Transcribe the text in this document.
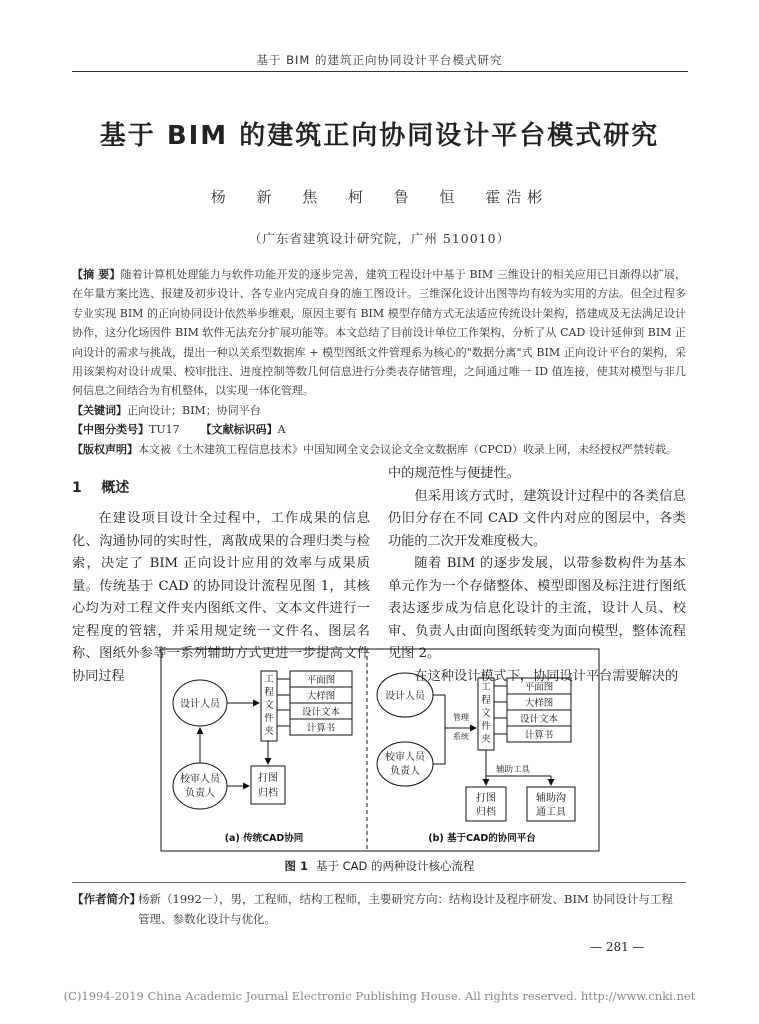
基于 BIM 的建筑正向协同设计平台模式研究
基于 BIM 的建筑正向协同设计平台模式研究
杨 新 焦 柯 鲁 恒 霍浩彬
（广东省建筑设计研究院，广州 510010）

【摘 要】随着计算机处理能力与软件功能开发的逐步完善，建筑工程设计中基于 BIM 三维设计的相关应用已日渐得以扩展，在年量方案比选、报建及初步设计、各专业内完成自身的施工图设计。三维深化设计出图等均有较为实用的方法。但全过程多专业实现 BIM 的正向协同设计依然举步维艰，原因主要有 BIM 模型存储方式无法适应传统设计架构，搭建成及无法满足设计协作，这分化场因件 BIM 软件无法充分扩展功能等。本文总结了目前设计单位工作架构，分析了从 CAD 设计延伸到 BIM 正向设计的需求与挑战，提出一种以关系型数据库 + 模型图纸文件管理系为核心的"数据分离"式 BIM 正向设计平台的架构，采用该架构对设计成果、校审批注、进度控制等数几何信息进行分类表存储管理，之间通过唯一 ID 值连接，使其对模型与非几何信息之间结合为有机整体，以实现一体化管理。

【关键词】正向设计；BIM；协同平台

【中图分类号】TU17 【文献标识码】A

【版权声明】本文被《土木建筑工程信息技术》中国知网全文会议论文全文数据库（CPCD）收录上网，未经授权严禁转载。

1 概述

在建设项目设计全过程中，工作成果的信息化、沟通协同的实时性，离散成果的合理归类与检索，决定了 BIM 正向设计应用的效率与成果质量。传统基于 CAD 的协同设计流程见图 1，其核心均为对工程文件夹内图纸文件、文本文件进行一定程度的管辖，并采用规定统一文件名、图层名称、图纸外参等一系列辅助方式更进一步提高文件协同过程

中的规范性与便捷性。

但采用该方式时，建筑设计过程中的各类信息仍旧分存在不同 CAD 文件内对应的图层中，各类功能的二次开发难度极大。

随着 BIM 的逐步发展，以带参数构件为基本单元作为一个存储整体、模型即图及标注进行图纸表达逐步成为信息化设计的主流，设计人员、校审、负责人由面向图纸转变为面向模型，整体流程见图 2。

在这种设计模式下，协同设计平台需要解决的

设计人员
工
程
文
件
夹
平面图
大样图
设计文本
计算书
校审人员
负责人
打图
归档
(a) 传统CAD协同
设计人员
校审人员
负责人
管理
系统
工
程
文
件
夹
平面图
大样图
设计文本
计算书
辅助工具
打图
归档
辅助沟
通工具
(b) 基于CAD的协同平台
图 1 基于 CAD 的两种设计核心流程
【作者简介】杨新（1992－），男，工程师，结构工程师，主要研究方向：结构设计及程序研发、BIM 协同设计与工程管理、参数化设计与优化。
— 281 —
(C)1994-2019 China Academic Journal Electronic Publishing House. All rights reserved. http://www.cnki.net
